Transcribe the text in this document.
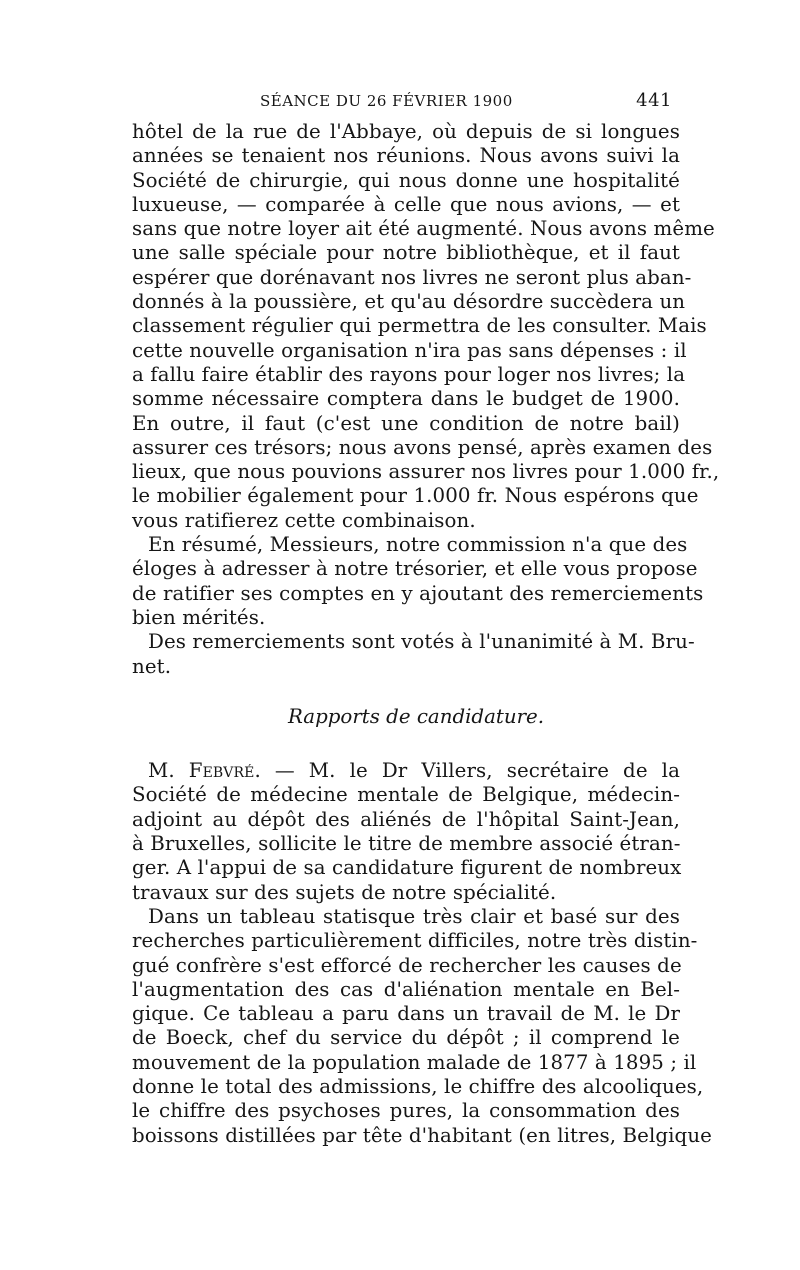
SÉANCE DU 26 FÉVRIER 1900	441
hôtel de la rue de l'Abbaye, où depuis de si longues
années se tenaient nos réunions. Nous avons suivi la
Société de chirurgie, qui nous donne une hospitalité
luxueuse, — comparée à celle que nous avions, — et
sans que notre loyer ait été augmenté. Nous avons même
une salle spéciale pour notre bibliothèque, et il faut
espérer que dorénavant nos livres ne seront plus aban-
donnés à la poussière, et qu'au désordre succèdera un
classement régulier qui permettra de les consulter. Mais
cette nouvelle organisation n'ira pas sans dépenses : il
a fallu faire établir des rayons pour loger nos livres; la
somme nécessaire comptera dans le budget de 1900.
En outre, il faut (c'est une condition de notre bail)
assurer ces trésors; nous avons pensé, après examen des
lieux, que nous pouvions assurer nos livres pour 1.000 fr.,
le mobilier également pour 1.000 fr. Nous espérons que
vous ratifierez cette combinaison.
En résumé, Messieurs, notre commission n'a que des
éloges à adresser à notre trésorier, et elle vous propose
de ratifier ses comptes en y ajoutant des remerciements
bien mérités.
Des remerciements sont votés à l'unanimité à M. Bru-
net.
Rapports de candidature.
M. Febvré. — M. le Dr Villers, secrétaire de la
Société de médecine mentale de Belgique, médecin-
adjoint au dépôt des aliénés de l'hôpital Saint-Jean,
à Bruxelles, sollicite le titre de membre associé étran-
ger. A l'appui de sa candidature figurent de nombreux
travaux sur des sujets de notre spécialité.
Dans un tableau statisque très clair et basé sur des
recherches particulièrement difficiles, notre très distin-
gué confrère s'est efforcé de rechercher les causes de
l'augmentation des cas d'aliénation mentale en Bel-
gique. Ce tableau a paru dans un travail de M. le Dr
de Boeck, chef du service du dépôt ; il comprend le
mouvement de la population malade de 1877 à 1895 ; il
donne le total des admissions, le chiffre des alcooliques,
le chiffre des psychoses pures, la consommation des
boissons distillées par tête d'habitant (en litres, Belgique
